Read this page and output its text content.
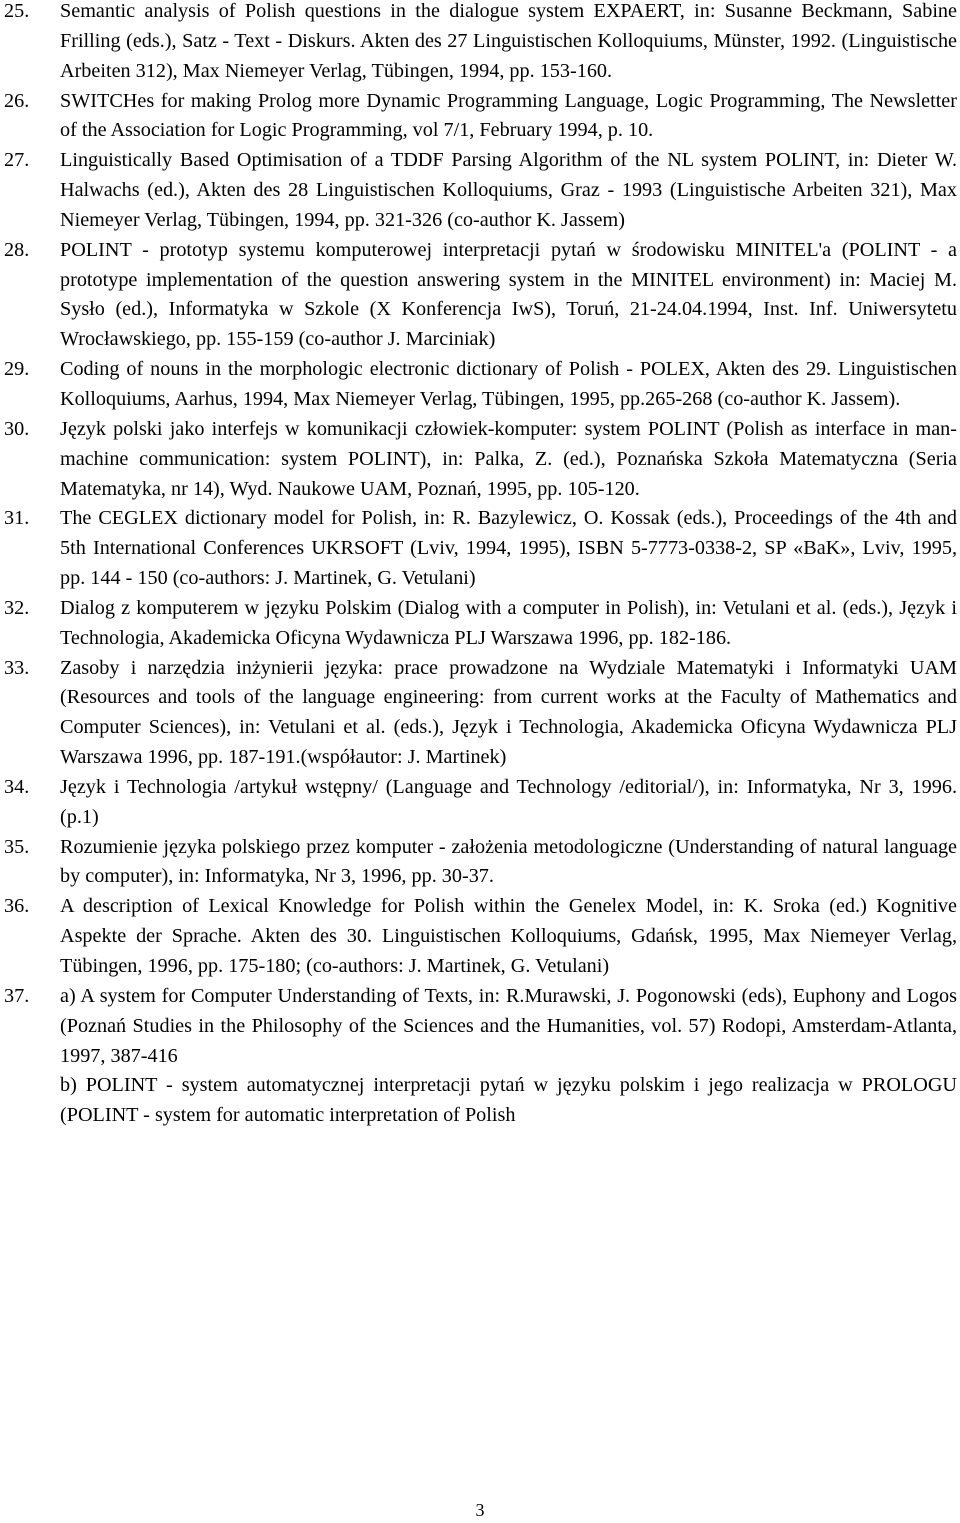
25.	Semantic analysis of Polish questions in the dialogue system EXPAERT, in: Susanne Beckmann, Sabine Frilling (eds.), Satz - Text - Diskurs. Akten des 27 Linguistischen Kolloquiums, Münster, 1992. (Linguistische Arbeiten 312), Max Niemeyer Verlag, Tübingen, 1994, pp. 153-160.
26.	SWITCHes for making Prolog more Dynamic Programming Language, Logic Programming, The Newsletter of the Association for Logic Programming, vol 7/1, February 1994, p. 10.
27.	Linguistically Based Optimisation of a TDDF Parsing Algorithm of the NL system POLINT, in: Dieter W. Halwachs (ed.), Akten des 28 Linguistischen Kolloquiums, Graz - 1993 (Linguistische Arbeiten 321), Max Niemeyer Verlag, Tübingen, 1994, pp. 321-326 (co-author K. Jassem)
28.	POLINT - prototyp systemu komputerowej interpretacji pytań w środowisku MINITEL'a (POLINT - a prototype implementation of the question answering system in the MINITEL environment) in: Maciej M. Sysło (ed.), Informatyka w Szkole (X Konferencja IwS), Toruń, 21-24.04.1994, Inst. Inf. Uniwersytetu Wrocławskiego, pp. 155-159 (co-author J. Marciniak)
29.	Coding of nouns in the morphologic electronic dictionary of Polish - POLEX, Akten des 29. Linguistischen Kolloquiums, Aarhus, 1994, Max Niemeyer Verlag, Tübingen, 1995, pp.265-268 (co-author K. Jassem).
30.	Język polski jako interfejs w komunikacji człowiek-komputer: system POLINT (Polish as interface in man-machine communication: system POLINT), in: Palka, Z. (ed.), Poznańska Szkoła Matematyczna (Seria Matematyka, nr 14), Wyd. Naukowe UAM, Poznań, 1995, pp. 105-120.
31.	The CEGLEX dictionary model for Polish, in: R. Bazylewicz, O. Kossak (eds.), Proceedings of the 4th and 5th International Conferences UKRSOFT (Lviv, 1994, 1995), ISBN 5-7773-0338-2, SP «BaK», Lviv, 1995, pp. 144 - 150 (co-authors: J. Martinek, G. Vetulani)
32.	Dialog z komputerem w języku Polskim (Dialog with a computer in Polish), in: Vetulani et al. (eds.), Język i Technologia, Akademicka Oficyna Wydawnicza PLJ Warszawa 1996, pp. 182-186.
33.	Zasoby i narzędzia inżynierii języka: prace prowadzone na Wydziale Matematyki i Informatyki UAM (Resources and tools of the language engineering: from current works at the Faculty of Mathematics and Computer Sciences), in: Vetulani et al. (eds.), Język i Technologia, Akademicka Oficyna Wydawnicza PLJ Warszawa 1996, pp. 187-191.(współautor: J. Martinek)
34.	Język i Technologia /artykuł wstępny/ (Language and Technology /editorial/), in: Informatyka, Nr 3, 1996. (p.1)
35.	Rozumienie języka polskiego przez komputer - założenia metodologiczne (Understanding of natural language by computer), in: Informatyka, Nr 3, 1996, pp. 30-37.
36.	A description of Lexical Knowledge for Polish within the Genelex Model, in: K. Sroka (ed.) Kognitive Aspekte der Sprache. Akten des 30. Linguistischen Kolloquiums, Gdańsk, 1995, Max Niemeyer Verlag, Tübingen, 1996, pp. 175-180; (co-authors: J. Martinek, G. Vetulani)
37.	a) A system for Computer Understanding of Texts, in: R.Murawski, J. Pogonowski (eds), Euphony and Logos (Poznań Studies in the Philosophy of the Sciences and the Humanities, vol. 57) Rodopi, Amsterdam-Atlanta, 1997, 387-416
b) POLINT - system automatycznej interpretacji pytań w języku polskim i jego realizacja w PROLOGU (POLINT - system for automatic interpretation of Polish
3
